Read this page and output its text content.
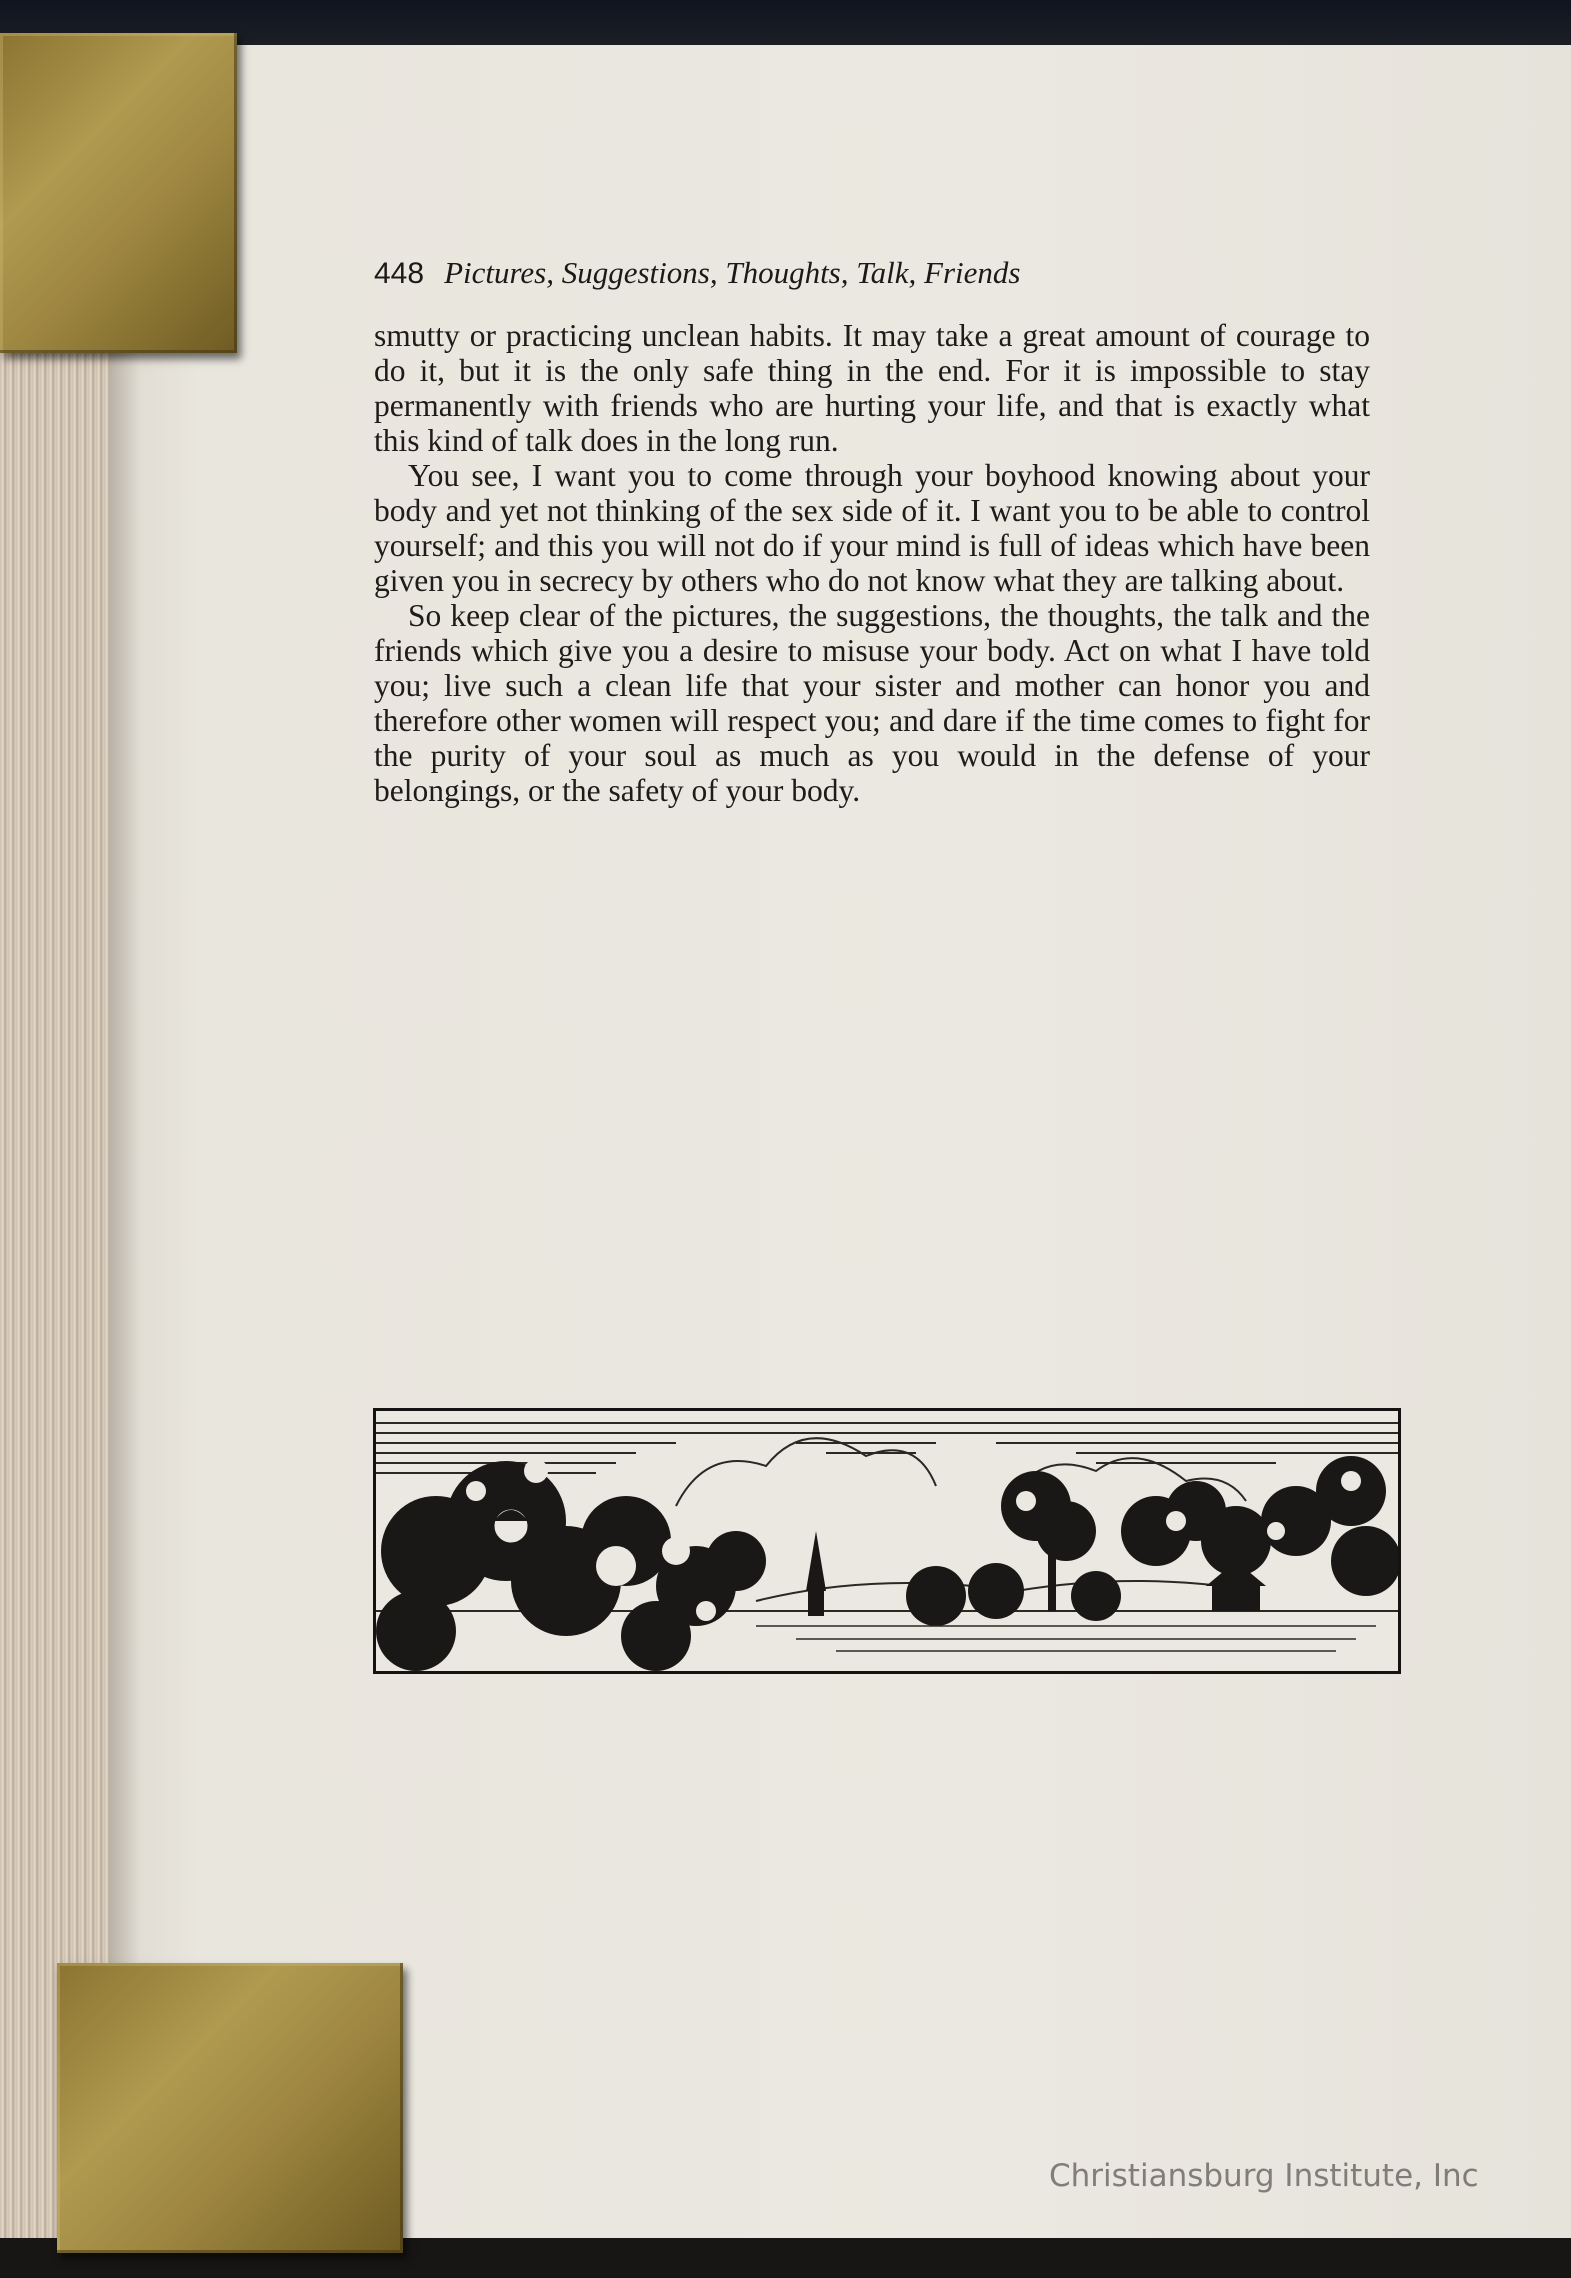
448 Pictures, Suggestions, Thoughts, Talk, Friends

smutty or practicing unclean habits. It may take a great amount of courage to do it, but it is the only safe thing in the end. For it is impossible to stay permanently with friends who are hurting your life, and that is exactly what this kind of talk does in the long run.

You see, I want you to come through your boyhood knowing about your body and yet not thinking of the sex side of it. I want you to be able to control yourself; and this you will not do if your mind is full of ideas which have been given you in secrecy by others who do not know what they are talking about.

So keep clear of the pictures, the suggestions, the thoughts, the talk and the friends which give you a desire to misuse your body. Act on what I have told you; live such a clean life that your sister and mother can honor you and therefore other women will respect you; and dare if the time comes to fight for the purity of your soul as much as you would in the defense of your belongings, or the safety of your body.

Christiansburg Institute, Inc
